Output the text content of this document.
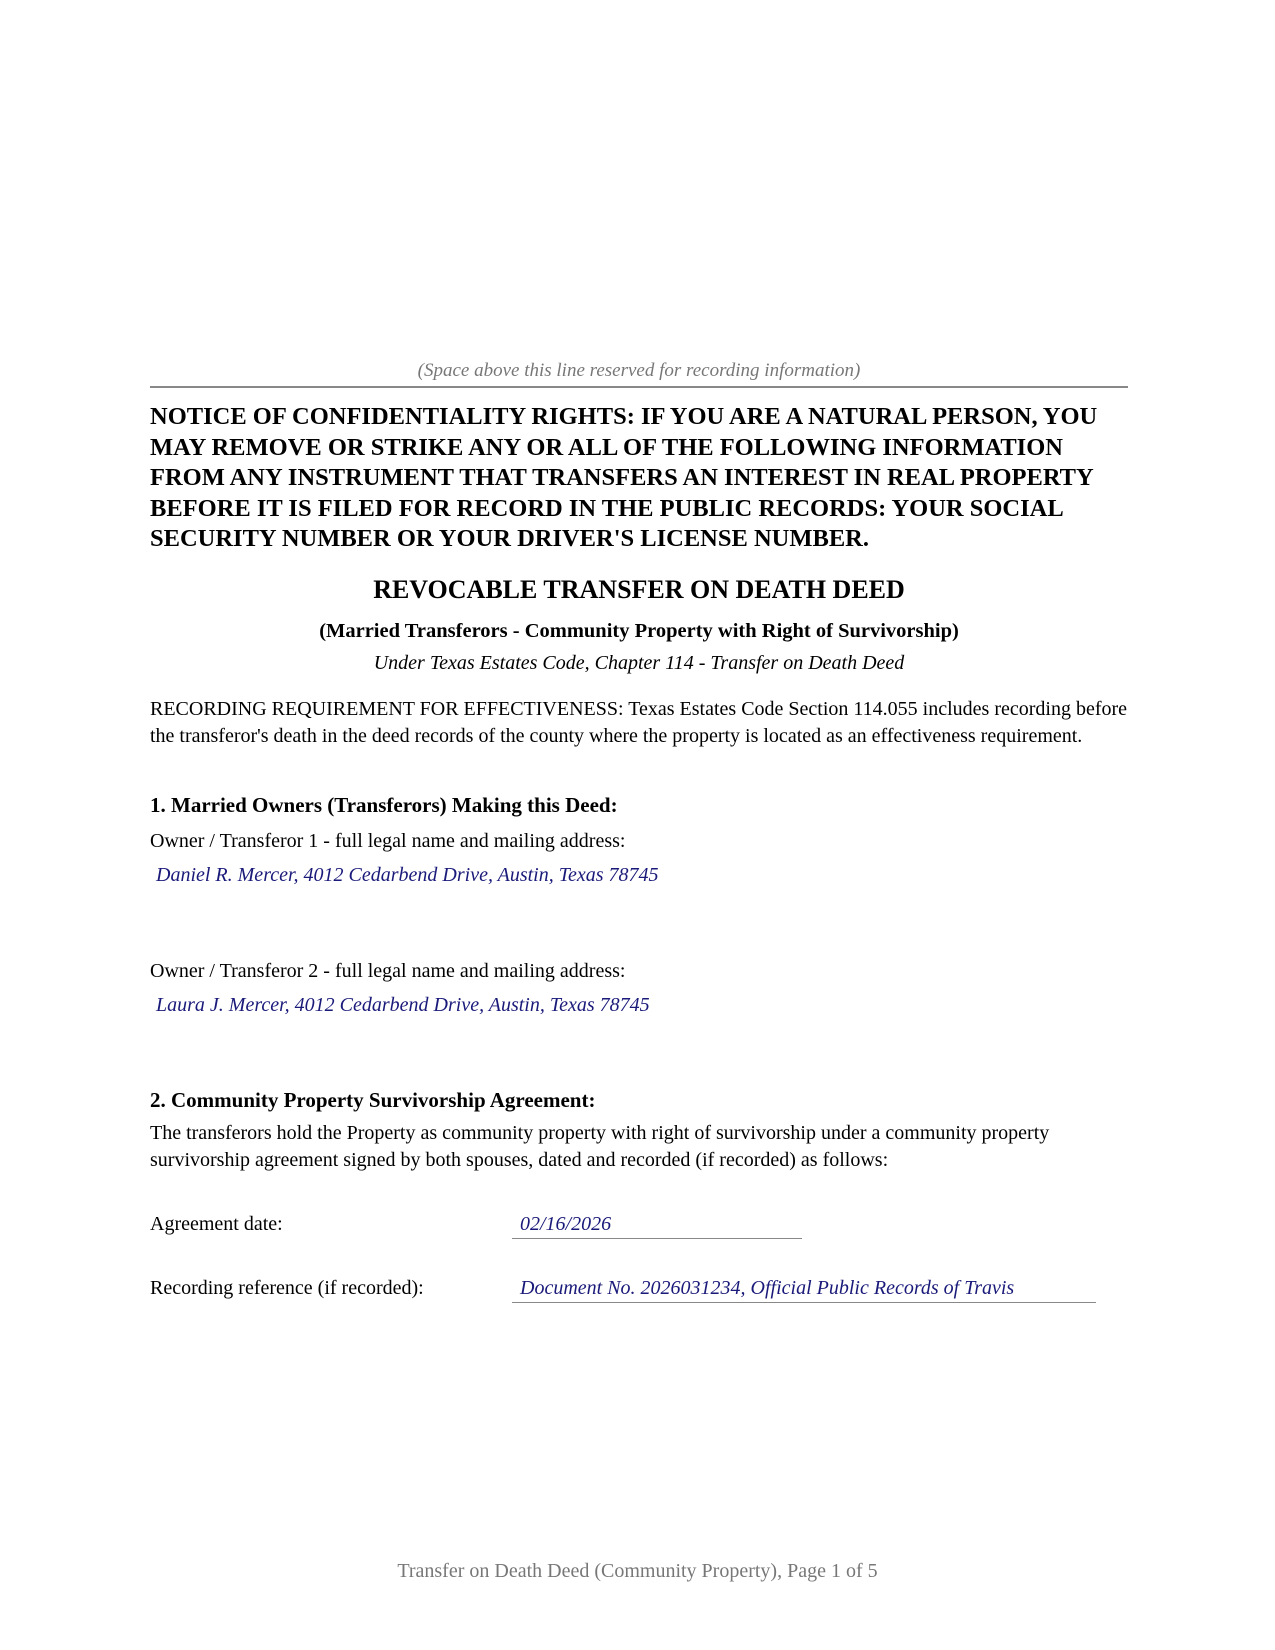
(Space above this line reserved for recording information)
NOTICE OF CONFIDENTIALITY RIGHTS: IF YOU ARE A NATURAL PERSON, YOU MAY REMOVE OR STRIKE ANY OR ALL OF THE FOLLOWING INFORMATION FROM ANY INSTRUMENT THAT TRANSFERS AN INTEREST IN REAL PROPERTY BEFORE IT IS FILED FOR RECORD IN THE PUBLIC RECORDS: YOUR SOCIAL SECURITY NUMBER OR YOUR DRIVER'S LICENSE NUMBER.
REVOCABLE TRANSFER ON DEATH DEED
(Married Transferors - Community Property with Right of Survivorship)
Under Texas Estates Code, Chapter 114 - Transfer on Death Deed
RECORDING REQUIREMENT FOR EFFECTIVENESS: Texas Estates Code Section 114.055 includes recording before the transferor's death in the deed records of the county where the property is located as an effectiveness requirement.
1. Married Owners (Transferors) Making this Deed:
Owner / Transferor 1 - full legal name and mailing address:
Daniel R. Mercer, 4012 Cedarbend Drive, Austin, Texas 78745
Owner / Transferor 2 - full legal name and mailing address:
Laura J. Mercer, 4012 Cedarbend Drive, Austin, Texas 78745
2. Community Property Survivorship Agreement:
The transferors hold the Property as community property with right of survivorship under a community property survivorship agreement signed by both spouses, dated and recorded (if recorded) as follows:
Agreement date:	02/16/2026
Recording reference (if recorded):	Document No. 2026031234, Official Public Records of Travis
Transfer on Death Deed (Community Property), Page 1 of 5
